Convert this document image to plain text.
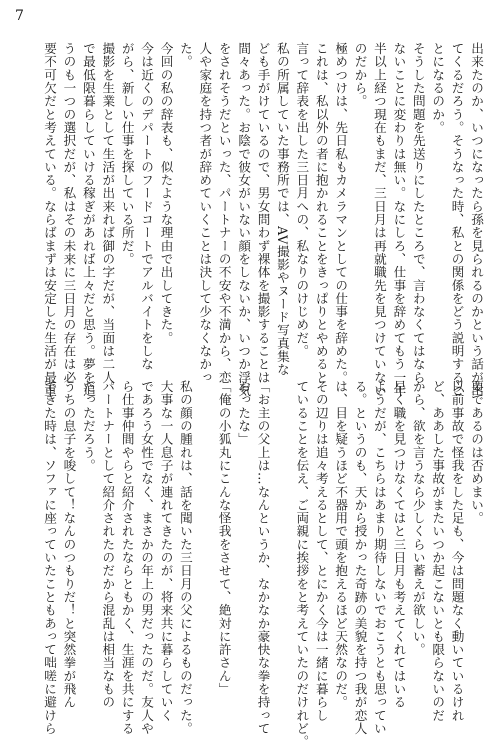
7
出来たのか、いつになったら孫を見られるのかという話が出
てくるだろう。そうなった時、私との関係をどう説明するこ
とになるのか。
そうした問題を先送りにしたところで、言わなくてはなら
ないことに変わりは無い。なにしろ、仕事を辞めてもう一年
半以上経つ現在もまだ、三日月は再就職先を見つけていない
のだから。
極めつけは、先日私もカメラマンとしての仕事を辞めた。
これは、私以外の者に抱かれることをきっぱりとやめると
言って辞表を出した三日月への、私なりのけじめだ。
私の所属していた事務所では、AV撮影やヌード写真集な
ども手がけているので、男女問わず裸体を撮影することは
間々あった。お陰で彼女がいない顔をしないか、いつか浮気
をされそうだといった、パートナーの不安や不満から、恋
人や家庭を持つ者が辞めていくことは決して少なくなかっ
た。
今回の私の辞表も、似たような理由で出してきた。
今は近くのデパートのフードコートでアルバイトをしな
がら、新しい仕事を探している所だ。
撮影を生業として生活が出来れば御の字だが、当面は二人
で最低限暮らしていける稼ぎがあれば上々だと思う。夢を追
うのも一つの選択だが、私はその未来に三日月の存在は必
要不可欠だと考えている。ならばまずは安定した生活が最重
要であるのは否めまい。
以前事故で怪我をした足も、今は問題なく動いているけれ
ど、ああした事故がまたいつか起こないとも限らないのだ
から、欲を言うなら少しくらい蓄えが欲しい。
早く職を見つけなくてはと三日月も考えてくれてはいる
ようだが、こちらはあまり期待しないでおこうとも思ってい
る。というのも、天から授かった奇跡の美貌を持つ我が恋人
は、目を疑うほど不器用で頭を抱えるほど天然なのだ。
その辺りは追々考えるとして、とにかく今は一緒に暮らし
ていることを伝え、ご両親に挨拶をと考えていたのだけれど。

「お主の父上は…なんというか、なかなか豪快な拳を持って
おったな」
「俺の小狐丸にこんな怪我をさせて、絶対に許さん」

私の顔の腫れは、話を聞いた三日月の父によるものだった。
大事な一人息子が連れてきたのが、将来共に暮らしていく
であろう女性でなく、まさかの年上の男だったのだ。友人や
ら仕事仲間やらと紹介されたならともかく、生涯を共にする
パートナーとして紹介されたのだから混乱は相当なもの
だっただろう。
うちの息子を唆して！なんのつもりだ！と突然拳が飛ん
できた時は、ソファに座っていたこともあって咄嗟に避けら
